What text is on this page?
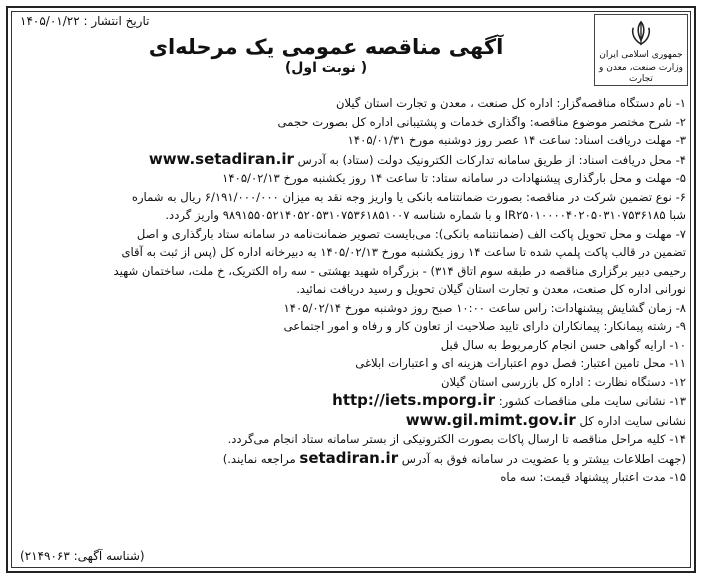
جمهوری اسلامی ایران
وزارت صنعت، معدن و تجارت
تاریخ انتشار : ۱۴۰۵/۰۱/۲۲
آگهی مناقصه عمومی یک مرحله‌ای
( نوبت اول)
۱- نام دستگاه مناقصه‌گزار: اداره کل صنعت ، معدن و تجارت استان گیلان
۲- شرح مختصر موضوع مناقصه: واگذاری خدمات و پشتیبانی اداره کل بصورت حجمی
۳- مهلت دریافت اسناد: ساعت ۱۴ عصر روز دوشنبه مورخ ۱۴۰۵/۰۱/۳۱
۴- محل دریافت اسناد: از طریق سامانه تدارکات الکترونیک دولت (ستاد) به آدرس www.setadiran.ir
۵- مهلت و محل بارگذاری پیشنهادات در سامانه ستاد: تا ساعت ۱۴ روز یکشنبه مورخ ۱۴۰۵/۰۲/۱۳
۶- نوع تضمین شرکت در مناقصه: بصورت ضمانتنامه بانکی یا واریز وجه نقد به میزان ۶/۱۹۱/۰۰۰/۰۰۰ ریال به شماره
شبا IR۲۵۰۱۰۰۰۰۴۰۲۰۵۰۳۱۰۷۵۳۶۱۸۵ و با شماره شناسه ۹۸۹۱۵۵۰۵۲۱۴۰۵۲۰۵۳۱۰۷۵۳۶۱۸۵۱۰۰۷ واریز گردد.
۷- مهلت و محل تحویل پاکت الف (ضمانتنامه بانکی): می‌بایست تصویر ضمانت‌نامه در سامانه ستاد بارگذاری و اصل
تضمین در قالب پاکت پلمپ شده تا ساعت ۱۴ روز یکشنبه مورخ ۱۴۰۵/۰۲/۱۳ به دبیرخانه اداره کل (پس از ثبت به آقای
رحیمی دبیر برگزاری مناقصه در طبقه سوم اتاق ۳۱۴) - بزرگراه شهید بهشتی - سه راه الکتریک، خ ملت، ساختمان شهید
نورانی اداره کل صنعت، معدن و تجارت استان گیلان تحویل و رسید دریافت نمائید.
۸- زمان گشایش پیشنهادات: راس ساعت ۱۰:۰۰ صبح روز دوشنبه مورخ ۱۴۰۵/۰۲/۱۴
۹- رشته پیمانکار: پیمانکاران دارای تایید صلاحیت از تعاون کار و رفاه و امور اجتماعی
۱۰- ارایه گواهی حسن انجام کارمربوط به سال قبل
۱۱- محل تامین اعتبار: فصل دوم اعتبارات هزینه ای و اعتبارات ابلاغی
۱۲- دستگاه نظارت : اداره کل بازرسی استان گیلان
۱۳- نشانی سایت ملی مناقصات کشور: http://iets.mporg.ir
نشانی سایت اداره کل www.gil.mimt.gov.ir
۱۴- کلیه مراحل مناقصه تا ارسال پاکات بصورت الکترونیکی از بستر سامانه ستاد انجام می‌گردد.
(جهت اطلاعات بیشتر و یا عضویت در سامانه فوق به آدرس setadiran.ir مراجعه نمایند.)
۱۵- مدت اعتبار پیشنهاد قیمت: سه ماه
(شناسه آگهی: ۲۱۴۹۰۶۳)
